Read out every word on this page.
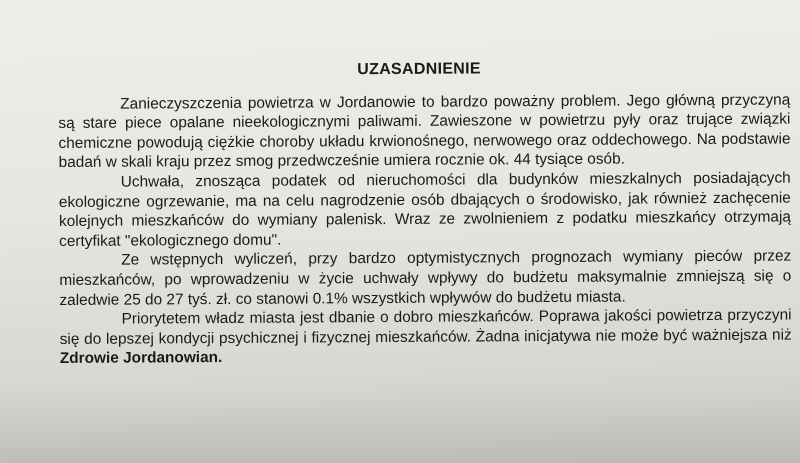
UZASADNIENIE

Zanieczyszczenia powietrza w Jordanowie to bardzo poważny problem. Jego główną przyczyną są stare piece opalane nieekologicznymi paliwami. Zawieszone w powietrzu pyły oraz trujące związki chemiczne powodują ciężkie choroby układu krwionośnego, nerwowego oraz oddechowego. Na podstawie badań w skali kraju przez smog przedwcześnie umiera rocznie ok. 44 tysiące osób.

Uchwała, znosząca podatek od nieruchomości dla budynków mieszkalnych posiadających ekologiczne ogrzewanie, ma na celu nagrodzenie osób dbających o środowisko, jak również zachęcenie kolejnych mieszkańców do wymiany palenisk. Wraz ze zwolnieniem z podatku mieszkańcy otrzymają certyfikat "ekologicznego domu".

Ze wstępnych wyliczeń, przy bardzo optymistycznych prognozach wymiany pieców przez mieszkańców, po wprowadzeniu w życie uchwały wpływy do budżetu maksymalnie zmniejszą się o zaledwie 25 do 27 tyś. zł. co stanowi 0.1% wszystkich wpływów do budżetu miasta.

Priorytetem władz miasta jest dbanie o dobro mieszkańców. Poprawa jakości powietrza przyczyni się do lepszej kondycji psychicznej i fizycznej mieszkańców. Żadna inicjatywa nie może być ważniejsza niż Zdrowie Jordanowian.
